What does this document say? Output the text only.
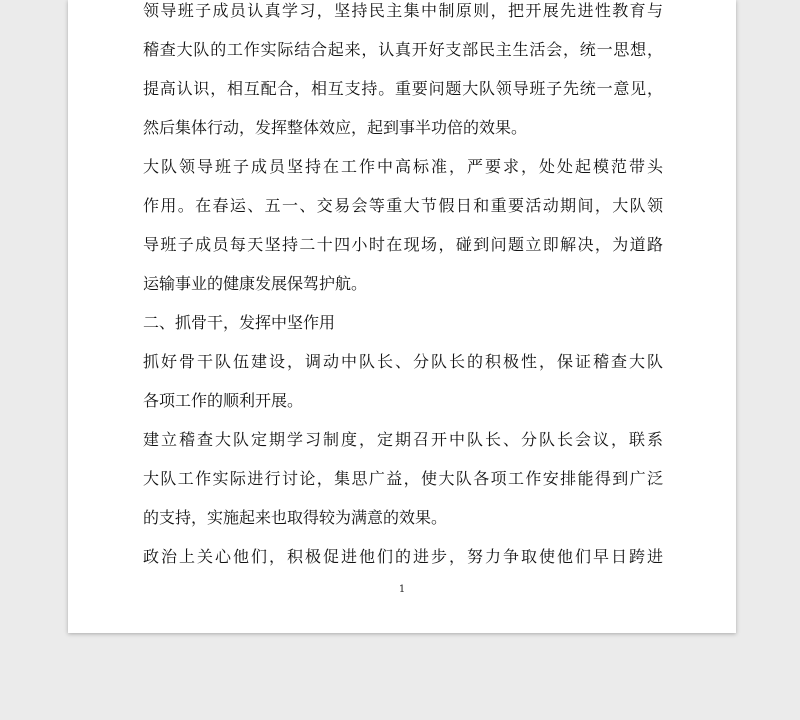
领导班子成员认真学习，坚持民主集中制原则，把开展先进性教育与
稽查大队的工作实际结合起来，认真开好支部民主生活会，统一思想，
提高认识，相互配合，相互支持。重要问题大队领导班子先统一意见，
然后集体行动，发挥整体效应，起到事半功倍的效果。
大队领导班子成员坚持在工作中高标准，严要求，处处起模范带头
作用。在春运、五一、交易会等重大节假日和重要活动期间，大队领
导班子成员每天坚持二十四小时在现场，碰到问题立即解决，为道路
运输事业的健康发展保驾护航。
二、抓骨干，发挥中坚作用
抓好骨干队伍建设，调动中队长、分队长的积极性，保证稽查大队
各项工作的顺利开展。
建立稽查大队定期学习制度，定期召开中队长、分队长会议，联系
大队工作实际进行讨论，集思广益，使大队各项工作安排能得到广泛
的支持，实施起来也取得较为满意的效果。
政治上关心他们，积极促进他们的进步，努力争取使他们早日跨进
1
